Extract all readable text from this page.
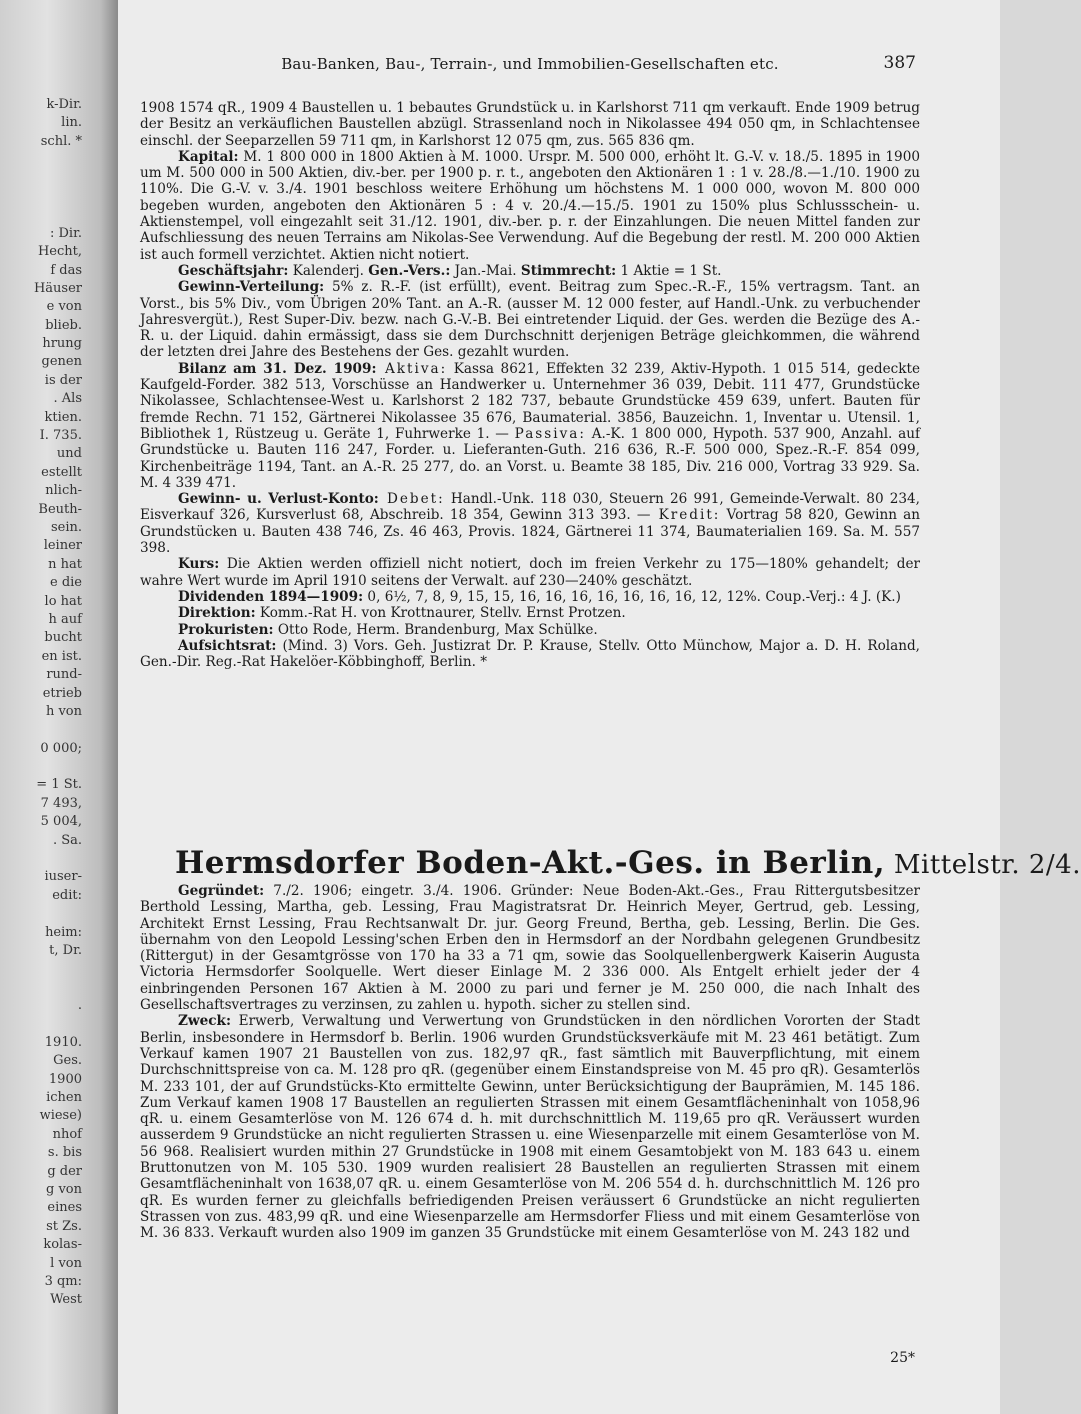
k-Dir.
lin.
schl. *
: Dir.
Hecht,
f das
Häuser
e von
blieb.
hrung
genen
is der
. Als
ktien.
I. 735.
und
estellt
nlich-
Beuth-
sein.
leiner
n hat
e die
lo hat
h auf
bucht
en ist.
rund-
etrieb
h von
0 000;
= 1 St.
7 493,
5 004,
. Sa.
iuser-
edit:
heim:
t, Dr.
.
1910.
Ges.
1900
ichen
wiese)
nhof
s. bis
g der
g von
eines
st Zs.
kolas-
l von
3 qm:
West
Bau-Banken, Bau-, Terrain-, und Immobilien-Gesellschaften etc.	387

1908 1574 qR., 1909 4 Baustellen u. 1 bebautes Grundstück u. in Karlshorst 711 qm verkauft. Ende 1909 betrug der Besitz an verkäuflichen Baustellen abzügl. Strassenland noch in Nikolassee 494 050 qm, in Schlachtensee einschl. der Seeparzellen 59 711 qm, in Karlshorst 12 075 qm, zus. 565 836 qm.

Kapital: M. 1 800 000 in 1800 Aktien à M. 1000. Urspr. M. 500 000, erhöht lt. G.-V. v. 18./5. 1895 in 1900 um M. 500 000 in 500 Aktien, div.-ber. per 1900 p. r. t., angeboten den Aktionären 1 : 1 v. 28./8.—1./10. 1900 zu 110%. Die G.-V. v. 3./4. 1901 beschloss weitere Erhöhung um höchstens M. 1 000 000, wovon M. 800 000 begeben wurden, angeboten den Aktionären 5 : 4 v. 20./4.—15./5. 1901 zu 150% plus Schlussschein- u. Aktienstempel, voll eingezahlt seit 31./12. 1901, div.-ber. p. r. der Einzahlungen. Die neuen Mittel fanden zur Aufschliessung des neuen Terrains am Nikolas-See Verwendung. Auf die Begebung der restl. M. 200 000 Aktien ist auch formell verzichtet. Aktien nicht notiert.

Geschäftsjahr: Kalenderj. Gen.-Vers.: Jan.-Mai. Stimmrecht: 1 Aktie = 1 St.

Gewinn-Verteilung: 5% z. R.-F. (ist erfüllt), event. Beitrag zum Spec.-R.-F., 15% vertragsm. Tant. an Vorst., bis 5% Div., vom Übrigen 20% Tant. an A.-R. (ausser M. 12 000 fester, auf Handl.-Unk. zu verbuchender Jahresvergüt.), Rest Super-Div. bezw. nach G.-V.-B. Bei eintretender Liquid. der Ges. werden die Bezüge des A.-R. u. der Liquid. dahin ermässigt, dass sie dem Durchschnitt derjenigen Beträge gleichkommen, die während der letzten drei Jahre des Bestehens der Ges. gezahlt wurden.

Bilanz am 31. Dez. 1909: Aktiva: Kassa 8621, Effekten 32 239, Aktiv-Hypoth. 1 015 514, gedeckte Kaufgeld-Forder. 382 513, Vorschüsse an Handwerker u. Unternehmer 36 039, Debit. 111 477, Grundstücke Nikolassee, Schlachtensee-West u. Karlshorst 2 182 737, bebaute Grundstücke 459 639, unfert. Bauten für fremde Rechn. 71 152, Gärtnerei Nikolassee 35 676, Baumaterial. 3856, Bauzeichn. 1, Inventar u. Utensil. 1, Bibliothek 1, Rüstzeug u. Geräte 1, Fuhrwerke 1. — Passiva: A.-K. 1 800 000, Hypoth. 537 900, Anzahl. auf Grundstücke u. Bauten 116 247, Forder. u. Lieferanten-Guth. 216 636, R.-F. 500 000, Spez.-R.-F. 854 099, Kirchenbeiträge 1194, Tant. an A.-R. 25 277, do. an Vorst. u. Beamte 38 185, Div. 216 000, Vortrag 33 929. Sa. M. 4 339 471.

Gewinn- u. Verlust-Konto: Debet: Handl.-Unk. 118 030, Steuern 26 991, Gemeinde-Verwalt. 80 234, Eisverkauf 326, Kursverlust 68, Abschreib. 18 354, Gewinn 313 393. — Kredit: Vortrag 58 820, Gewinn an Grundstücken u. Bauten 438 746, Zs. 46 463, Provis. 1824, Gärtnerei 11 374, Baumaterialien 169. Sa. M. 557 398.

Kurs: Die Aktien werden offiziell nicht notiert, doch im freien Verkehr zu 175—180% gehandelt; der wahre Wert wurde im April 1910 seitens der Verwalt. auf 230—240% geschätzt.

Dividenden 1894—1909: 0, 6½, 7, 8, 9, 15, 15, 16, 16, 16, 16, 16, 16, 16, 12, 12%. Coup.-Verj.: 4 J. (K.)

Direktion: Komm.-Rat H. von Krottnaurer, Stellv. Ernst Protzen.

Prokuristen: Otto Rode, Herm. Brandenburg, Max Schülke.

Aufsichtsrat: (Mind. 3) Vors. Geh. Justizrat Dr. P. Krause, Stellv. Otto Münchow, Major a. D. H. Roland, Gen.-Dir. Reg.-Rat Hakelöer-Köbbinghoff, Berlin. *

Hermsdorfer Boden-Akt.-Ges. in Berlin, Mittelstr. 2/4.

Gegründet: 7./2. 1906; eingetr. 3./4. 1906. Gründer: Neue Boden-Akt.-Ges., Frau Rittergutsbesitzer Berthold Lessing, Martha, geb. Lessing, Frau Magistratsrat Dr. Heinrich Meyer, Gertrud, geb. Lessing, Architekt Ernst Lessing, Frau Rechtsanwalt Dr. jur. Georg Freund, Bertha, geb. Lessing, Berlin. Die Ges. übernahm von den Leopold Lessing'schen Erben den in Hermsdorf an der Nordbahn gelegenen Grundbesitz (Rittergut) in der Gesamtgrösse von 170 ha 33 a 71 qm, sowie das Soolquellenbergwerk Kaiserin Augusta Victoria Hermsdorfer Soolquelle. Wert dieser Einlage M. 2 336 000. Als Entgelt erhielt jeder der 4 einbringenden Personen 167 Aktien à M. 2000 zu pari und ferner je M. 250 000, die nach Inhalt des Gesellschaftsvertrages zu verzinsen, zu zahlen u. hypoth. sicher zu stellen sind.

Zweck: Erwerb, Verwaltung und Verwertung von Grundstücken in den nördlichen Vororten der Stadt Berlin, insbesondere in Hermsdorf b. Berlin. 1906 wurden Grundstücksverkäufe mit M. 23 461 betätigt. Zum Verkauf kamen 1907 21 Baustellen von zus. 182,97 qR., fast sämtlich mit Bauverpflichtung, mit einem Durchschnittspreise von ca. M. 128 pro qR. (gegenüber einem Einstandspreise von M. 45 pro qR). Gesamterlös M. 233 101, der auf Grundstücks-Kto ermittelte Gewinn, unter Berücksichtigung der Bauprämien, M. 145 186. Zum Verkauf kamen 1908 17 Baustellen an regulierten Strassen mit einem Gesamtflächeninhalt von 1058,96 qR. u. einem Gesamterlöse von M. 126 674 d. h. mit durchschnittlich M. 119,65 pro qR. Veräussert wurden ausserdem 9 Grundstücke an nicht regulierten Strassen u. eine Wiesenparzelle mit einem Gesamterlöse von M. 56 968. Realisiert wurden mithin 27 Grundstücke in 1908 mit einem Gesamtobjekt von M. 183 643 u. einem Bruttonutzen von M. 105 530. 1909 wurden realisiert 28 Baustellen an regulierten Strassen mit einem Gesamtflächeninhalt von 1638,07 qR. u. einem Gesamterlöse von M. 206 554 d. h. durchschnittlich M. 126 pro qR. Es wurden ferner zu gleichfalls befriedigenden Preisen veräussert 6 Grundstücke an nicht regulierten Strassen von zus. 483,99 qR. und eine Wiesenparzelle am Hermsdorfer Fliess und mit einem Gesamterlöse von M. 36 833. Verkauft wurden also 1909 im ganzen 35 Grundstücke mit einem Gesamterlöse von M. 243 182 und

25*
